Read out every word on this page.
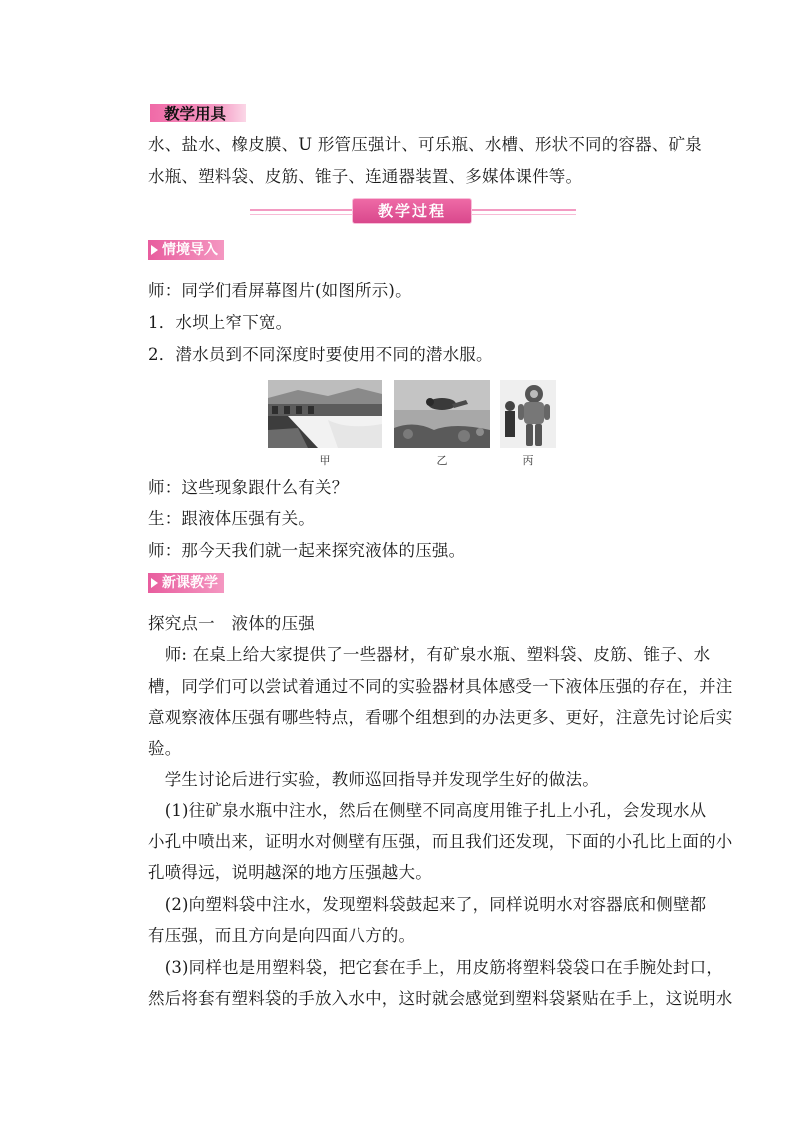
教学用具
水、盐水、橡皮膜、U 形管压强计、可乐瓶、水槽、形状不同的容器、矿泉
水瓶、塑料袋、皮筋、锥子、连通器装置、多媒体课件等。
教学过程
情境导入
师：同学们看屏幕图片(如图所示)。
1．水坝上窄下宽。
2．潜水员到不同深度时要使用不同的潜水服。
甲	乙	丙
师：这些现象跟什么有关？
生：跟液体压强有关。
师：那今天我们就一起来探究液体的压强。
新课教学
探究点一　液体的压强
　师: 在桌上给大家提供了一些器材，有矿泉水瓶、塑料袋、皮筋、锥子、水
槽，同学们可以尝试着通过不同的实验器材具体感受一下液体压强的存在，并注
意观察液体压强有哪些特点，看哪个组想到的办法更多、更好，注意先讨论后实
验。
　学生讨论后进行实验，教师巡回指导并发现学生好的做法。
　(1)往矿泉水瓶中注水，然后在侧壁不同高度用锥子扎上小孔，会发现水从
小孔中喷出来，证明水对侧壁有压强，而且我们还发现，下面的小孔比上面的小
孔喷得远，说明越深的地方压强越大。
　(2)向塑料袋中注水，发现塑料袋鼓起来了，同样说明水对容器底和侧壁都
有压强，而且方向是向四面八方的。
　(3)同样也是用塑料袋，把它套在手上，用皮筋将塑料袋袋口在手腕处封口，
然后将套有塑料袋的手放入水中，这时就会感觉到塑料袋紧贴在手上，这说明水
